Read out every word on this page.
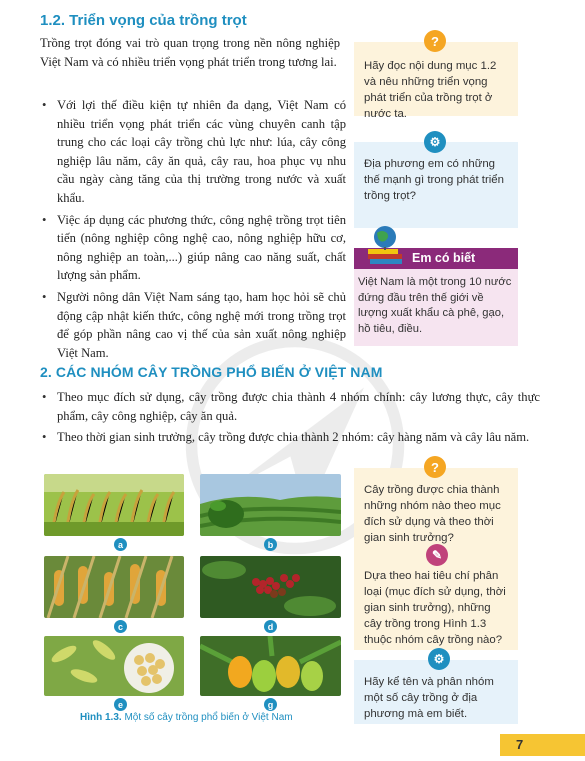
1.2. Triển vọng của trồng trọt

Trồng trọt đóng vai trò quan trọng trong nền nông nghiệp Việt Nam và có nhiều triển vọng phát triển trong tương lai.

• Với lợi thế điều kiện tự nhiên đa dạng, Việt Nam có nhiều triển vọng phát triển các vùng chuyên canh tập trung cho các loại cây trồng chủ lực như: lúa, cây công nghiệp lâu năm, cây ăn quả, cây rau, hoa phục vụ nhu cầu ngày càng tăng của thị trường trong nước và xuất khẩu.

• Việc áp dụng các phương thức, công nghệ trồng trọt tiên tiến (nông nghiệp công nghệ cao, nông nghiệp hữu cơ, nông nghiệp an toàn,...) giúp nâng cao năng suất, chất lượng sản phẩm.

• Người nông dân Việt Nam sáng tạo, ham học hỏi sẽ chủ động cập nhật kiến thức, công nghệ mới trong trồng trọt để góp phần nâng cao vị thế của sản xuất nông nghiệp Việt Nam.

Hãy đọc nội dung mục 1.2 và nêu những triển vọng phát triển của trồng trọt ở nước ta.
?
Địa phương em có những thế mạnh gì trong phát triển trồng trọt?
⚙
Em có biết
Việt Nam là một trong 10 nước đứng đầu trên thế giới về lượng xuất khẩu cà phê, gạo, hồ tiêu, điều.
2. CÁC NHÓM CÂY TRỒNG PHỔ BIẾN Ở VIỆT NAM

• Theo mục đích sử dụng, cây trồng được chia thành 4 nhóm chính: cây lương thực, cây thực phẩm, cây công nghiệp, cây ăn quả.

• Theo thời gian sinh trưởng, cây trồng được chia thành 2 nhóm: cây hàng năm và cây lâu năm.

a	b
c	d
e	g
Hình 1.3. Một số cây trồng phổ biến ở Việt Nam
Cây trồng được chia thành những nhóm nào theo mục đích sử dụng và theo thời gian sinh trưởng?
?
Dựa theo hai tiêu chí phân loại (mục đích sử dụng, thời gian sinh trưởng), những cây trồng trong Hình 1.3 thuộc nhóm cây trồng nào?
✎
Hãy kể tên và phân nhóm một số cây trồng ở địa phương mà em biết.
⚙
7
